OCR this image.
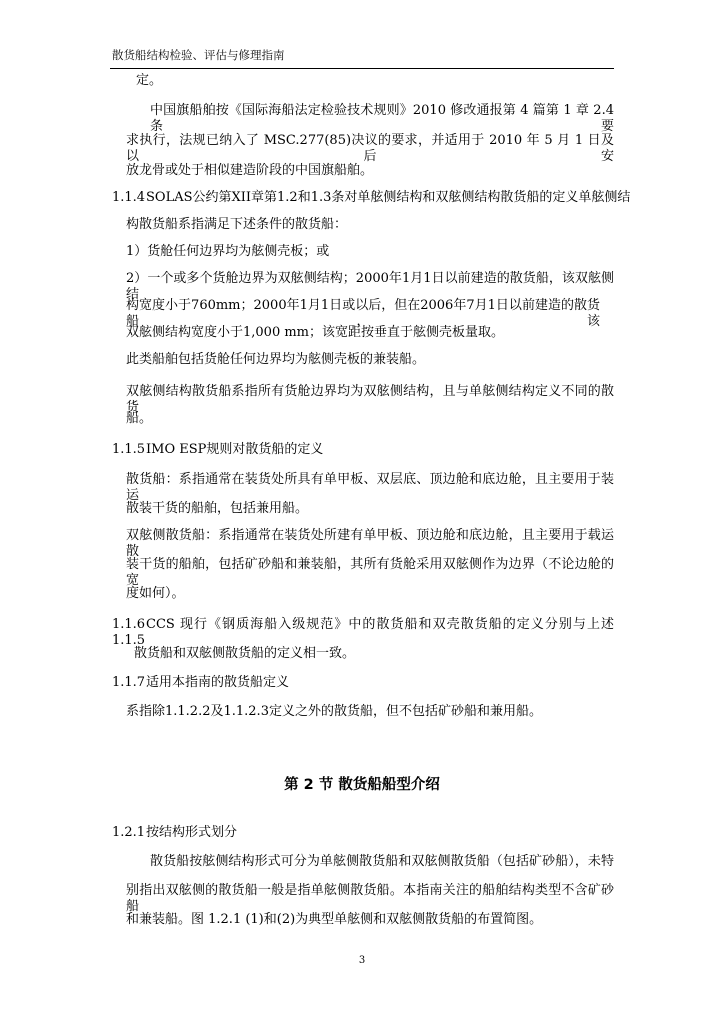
散货船结构检验、评估与修理指南
定。
中国旗船舶按《国际海船法定检验技术规则》2010 修改通报第 4 篇第 1 章 2.4 条要
求执行，法规已纳入了 MSC.277(85)决议的要求，并适用于 2010 年 5 月 1 日及以后安
放龙骨或处于相似建造阶段的中国旗船舶。
1.1.4SOLAS公约第XII章第1.2和1.3条对单舷侧结构和双舷侧结构散货船的定义单舷侧结
构散货船系指满足下述条件的散货船：
1）货舱任何边界均为舷侧壳板；或
2）一个或多个货舱边界为双舷侧结构；2000年1月1日以前建造的散货船，该双舷侧结
构宽度小于760mm；2000年1月1日或以后，但在2006年7月1日以前建造的散货船，该
双舷侧结构宽度小于1,000 mm；该宽距按垂直于舷侧壳板量取。
此类船舶包括货舱任何边界均为舷侧壳板的兼装船。
双舷侧结构散货船系指所有货舱边界均为双舷侧结构，且与单舷侧结构定义不同的散货
船。
1.1.5IMO ESP规则对散货船的定义
散货船：系指通常在装货处所具有单甲板、双层底、顶边舱和底边舱，且主要用于装运
散装干货的船舶，包括兼用船。
双舷侧散货船：系指通常在装货处所建有单甲板、顶边舱和底边舱，且主要用于载运散
装干货的船舶，包括矿砂船和兼装船，其所有货舱采用双舷侧作为边界（不论边舱的宽
度如何）。
1.1.6CCS 现行《钢质海船入级规范》中的散货船和双壳散货船的定义分别与上述 1.1.5
散货船和双舷侧散货船的定义相一致。
1.1.7适用本指南的散货船定义
系指除1.1.2.2及1.1.2.3定义之外的散货船，但不包括矿砂船和兼用船。
第 2 节 散货船船型介绍
1.2.1按结构形式划分
散货船按舷侧结构形式可分为单舷侧散货船和双舷侧散货船（包括矿砂船），未特
别指出双舷侧的散货船一般是指单舷侧散货船。本指南关注的船舶结构类型不含矿砂船
和兼装船。图 1.2.1 (1)和(2)为典型单舷侧和双舷侧散货船的布置简图。
3
